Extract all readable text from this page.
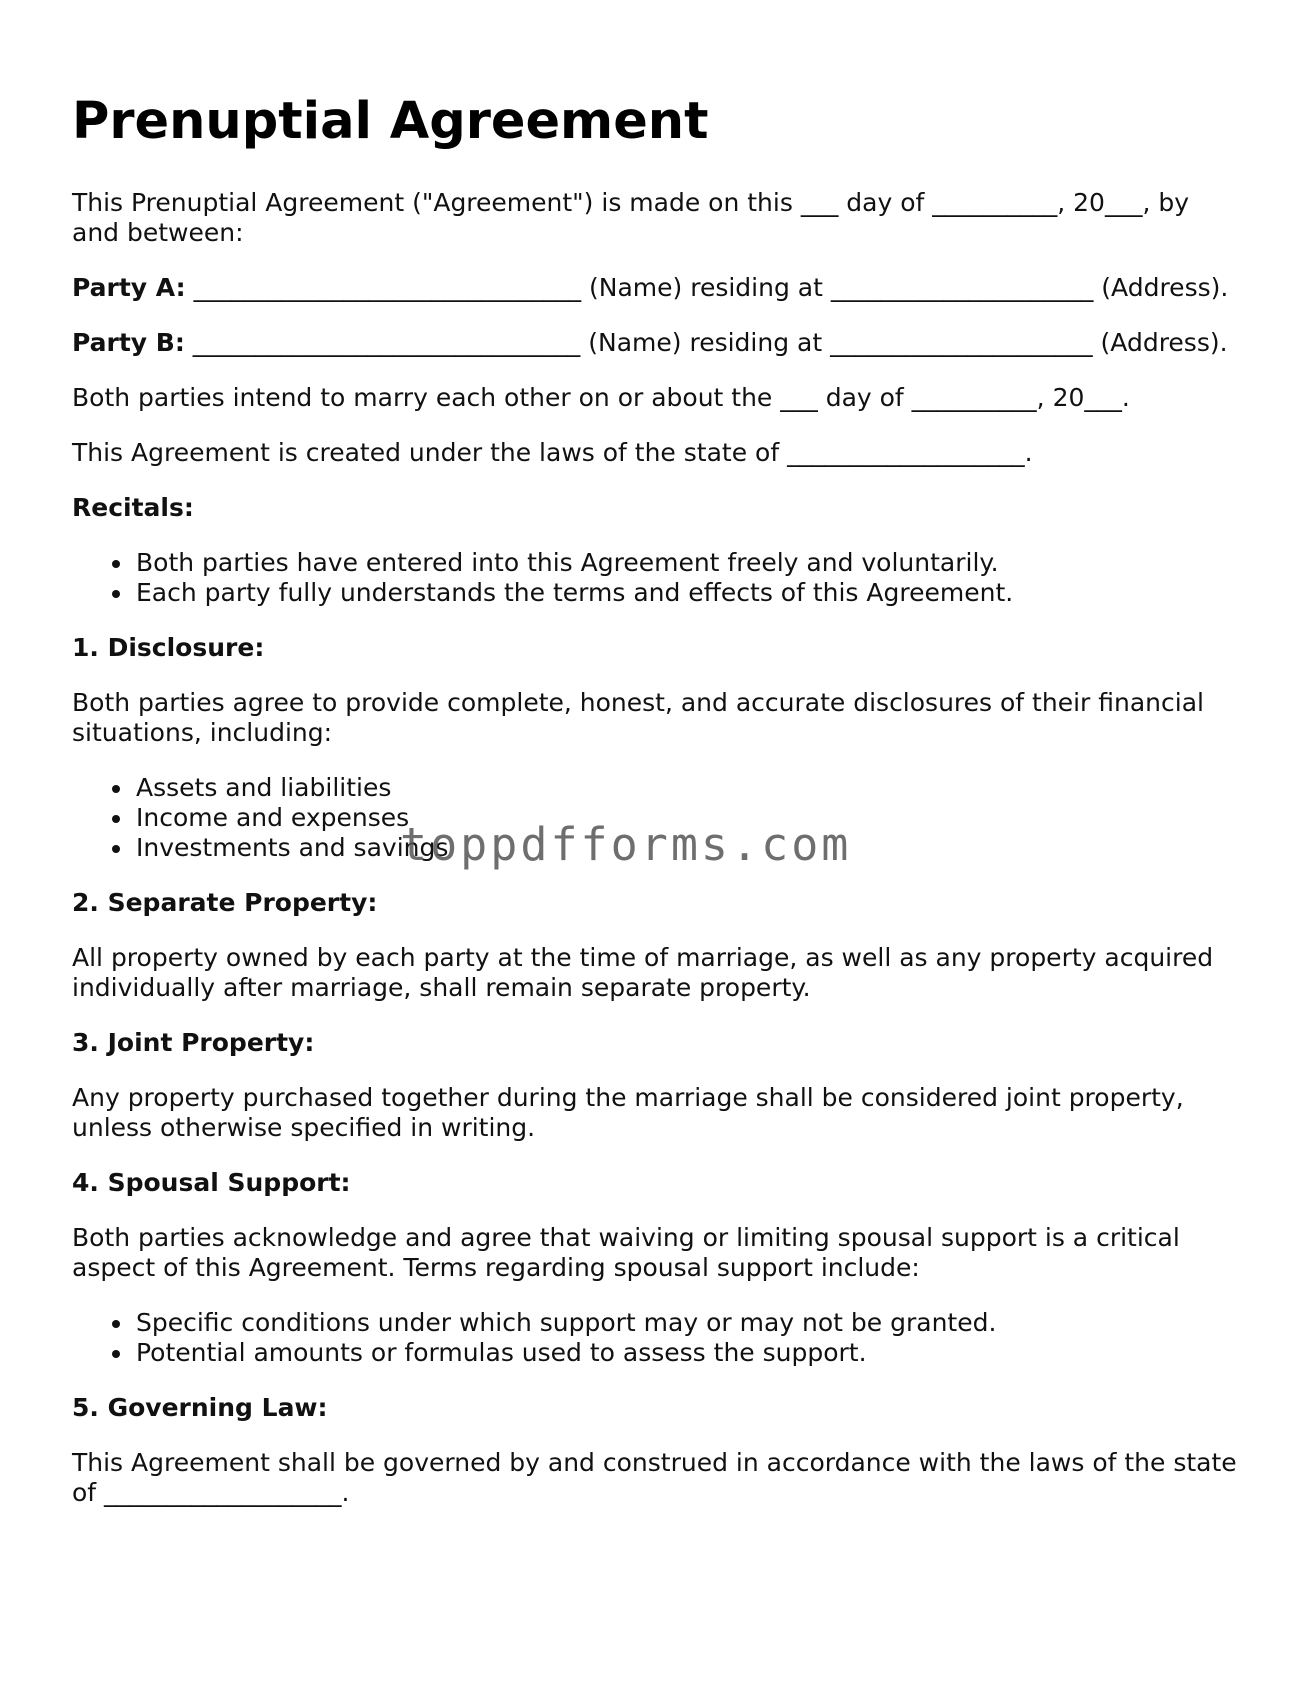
Prenuptial Agreement

This Prenuptial Agreement ("Agreement") is made on this ___ day of __________, 20___, by and between:

Party A: _______________________________ (Name) residing at _____________________ (Address).

Party B: _______________________________ (Name) residing at _____________________ (Address).

Both parties intend to marry each other on or about the ___ day of __________, 20___.

This Agreement is created under the laws of the state of ___________________.

Recitals:

Both parties have entered into this Agreement freely and voluntarily.
Each party fully understands the terms and effects of this Agreement.

1. Disclosure:

Both parties agree to provide complete, honest, and accurate disclosures of their financial situations, including:

Assets and liabilities
Income and expenses
Investments and savings

2. Separate Property:

All property owned by each party at the time of marriage, as well as any property acquired individually after marriage, shall remain separate property.

3. Joint Property:

Any property purchased together during the marriage shall be considered joint property, unless otherwise specified in writing.

4. Spousal Support:

Both parties acknowledge and agree that waiving or limiting spousal support is a critical aspect of this Agreement. Terms regarding spousal support include:

Specific conditions under which support may or may not be granted.
Potential amounts or formulas used to assess the support.

5. Governing Law:

This Agreement shall be governed by and construed in accordance with the laws of the state of ___________________.

toppdfforms.com
